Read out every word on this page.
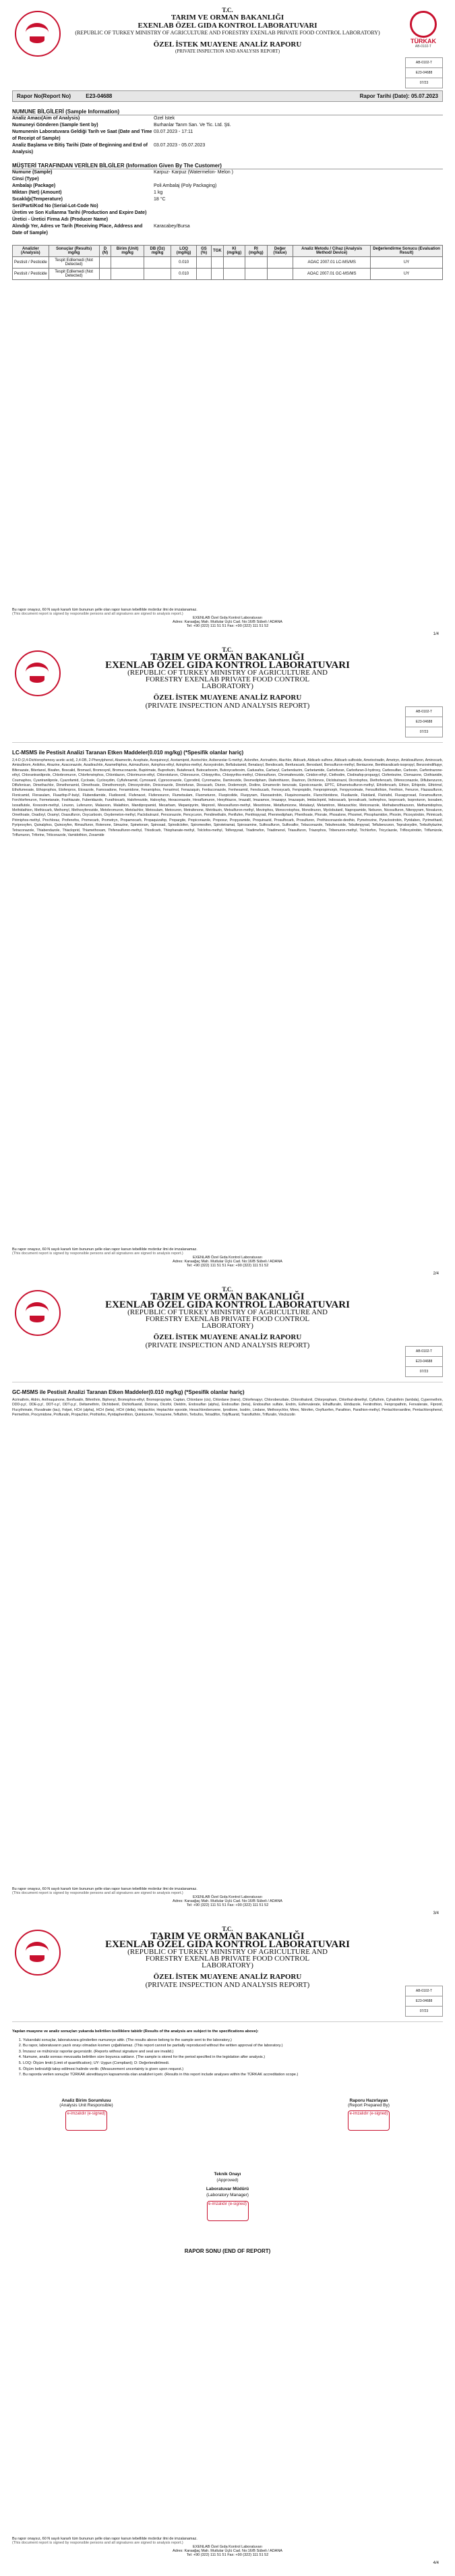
T.C.
TARIM VE ORMAN BAKANLIĞI
EXENLAB ÖZEL GIDA KONTROL LABORATUVARI
(REPUBLIC OF TURKEY MINISTRY OF AGRICULTURE AND FORESTRY EXENLAB PRIVATE FOOD CONTROL LABORATORY)
ÖZEL İSTEK MUAYENE ANALİZ RAPORU
(PRIVATE INSPECTION AND ANALYSIS REPORT)
TÜRKAK
AB-0102-T
AB-0102-T
E23-04688
07/23
Rapor No(Report No)	E23-04688	Rapor Tarihi (Date): 05.07.2023
NUMUNE BİLGİLERİ (Sample Information)
Analiz Amacı(Aim of Analysis)	Özel İstek
Numuneyi Gönderen (Sample Sent by)	Burhanlar Tarım San. Ve Tic. Ltd. Şti.
Numunenin Laboratuvara Geldiği Tarih ve Saat (Date and Time of Receipt of Sample)
03.07.2023 - 17:11
Analiz Başlama ve Bitiş Tarihi (Date of Beginning and End of Analysis)
03.07.2023 - 05.07.2023
MÜŞTERİ TARAFINDAN VERİLEN BİLGİLER (Information Given By The Customer)
Numune (Sample)	Karpuz- Karpuz (Watermelon- Melon )
Cinsi (Type)
Ambalajı (Package)	Poli Ambalaj (Poly Packaging)
Miktarı (Net) (Amount)	1 kg
Sıcaklığı(Temperature)	18 °C
Seri/Parti/Kod No (Serial-Lot-Code No)
Üretim ve Son Kullanma Tarihi (Production and Expire Date)
Üretici - Üretici Firma Adı (Producer Name)
Alındığı Yer, Adres ve Tarih (Receiving Place, Address and Date of Sample)
Karacabey/Bursa
Analizler (Analysis)	Sonuçlar (Results) mg/kg	D (N)	Birim (Unit) mg/kg	DB (Öz) mg/kg	LOQ (mg/kg)	GS (%)	TGK	KI (mg/kg)	RI (mg/kg)	Değer (Value)	Analiz Metodu / Cihaz (Analysis Method/ Device)	Değerlendirme Sonucu (Evaluation Result)
Pestisit / Pesticide	Tespit Edilemedi (Not Detected)				0.010						AOAC 2007.01 LC-MS/MS	UY
Pestisit / Pesticide	Tespit Edilemedi (Not Detected)				0.010						AOAC 2007.01 GC-MS/MS	UY
Bu rapor onaysız, 60 N sayılı kararlı tüm bununun şelle olan rapor kanun tebellilde mıdırdur ilmi de imzalanamaz.
(This document report is signed by responsible persons and all signatures are signed to analysis report.)
EXENLAB Özel Gıda Kontrol Laboratuvarı
Adres: Karaağaç Mah. Mutlular Üçlü Cad. No:16/B Sübeli / ADANA
Tel: +90 (322) 111 51 51 Fax: +90 (322) 111 51 52
1/4
T.C.
TARIM VE ORMAN BAKANLIĞI
EXENLAB ÖZEL GIDA KONTROL LABORATUVARI
(REPUBLIC OF TURKEY MINISTRY OF AGRICULTURE AND
FORESTRY EXENLAB PRIVATE FOOD CONTROL
LABORATORY)
ÖZEL İSTEK MUAYENE ANALİZ RAPORU
(PRIVATE INSPECTION AND ANALYSIS REPORT)
AB-0102-T
E23-04688
07/23
LC-MSMS ile Pestisit Analizi Taranan Etken Maddeler(0.010 mg/kg) (*Spesifik olanlar hariç)
2,4-D (2,4-Dichlorophenoxy acetic acid), 2,4-DB, 2-Phenylphenol, Abamectin, Acephate, Acequinocyl, Acetamiprid, Acetochlor, Acibenzolar-S-methyl, Aclonifen, Acrinathrin, Alachlor, Aldicarb, Aldicarb sulfone, Aldicarb sulfoxide, Ametoctradin, Ametryn, Amidosulfuron, Aminocarb, Amisulbrom, Anilofos, Atrazine, Azaconazole, Azadirachtin, Azamethiphos, Azimsulfuron, Azinphos-ethyl, Azinphos-methyl, Azoxystrobin, Beflubutamid, Benalaxyl, Bendiocarb, Benfuracarb, Benodanil, Bensulfuron-methyl, Bentazone, Benthiavalicarb-isopropyl, Benzovindiflupyr, Bifenazate, Bitertanol, Bixafen, Boscalid, Bromacil, Bromoxynil, Bromuconazole, Bupirimate, Buprofezin, Butafenacil, Butocarboxim, Butoxycarboxim, Cadusafos, Carbaryl, Carbendazim, Carbetamide, Carbofuran, Carbofuran-3-hydroxy, Carbosulfan, Carboxin, Carfentrazone-ethyl, Chlorantraniliprole, Chlorbromuron, Chlorfenvinphos, Chloridazon, Chlorimuron-ethyl, Chlorotoluron, Chloroxuron, Chlorpyrifos, Chlorpyrifos-methyl, Chlorsulfuron, Chromafenozide, Cinidon-ethyl, Clethodim, Clodinafop-propargyl, Clofentezine, Clomazone, Clothianidin, Coumaphos, Cyantraniliprole, Cyazofamid, Cycloate, Cycloxydim, Cyflufenamid, Cymoxanil, Cyproconazole, Cyprodinil, Cyromazine, Daminozide, Desmedipham, Diafenthiuron, Diazinon, Dichlorvos, Diclobutrazol, Dicrotophos, Diethofencarb, Difenoconazole, Diflubenzuron, Diflufenican, Dimethachlor, Dimethenamid, Dimethoate, Dimethomorph, Dimoxystrobin, Diniconazole, Dinotefuran, Dioxacarb, Diuron, Dodemorph, Dodine, Emamectin benzoate, Epoxiconazole, EPTC, Ethametsulfuron-methyl, Ethiofencarb, Ethion, Ethiprole, Ethirimol, Ethofumesate, Ethoprophos, Etofenprox, Etoxazole, Famoxadone, Fenamidone, Fenamiphos, Fenarimol, Fenazaquin, Fenbuconazole, Fenhexamid, Fenobucarb, Fenoxycarb, Fenpropidin, Fenpropimorph, Fenpyroximate, Fensulfothion, Fenthion, Fenuron, Flazasulfuron, Flonicamid, Florasulam, Fluazifop-P-butyl, Flubendiamide, Fludioxonil, Flufenacet, Flufenoxuron, Flumetsulam, Fluometuron, Fluopicolide, Fluopyram, Fluoxastrobin, Fluquinconazole, Flurochloridone, Flusilazole, Flutolanil, Flutriafol, Fluxapyroxad, Foramsulfuron, Forchlorfenuron, Formetanate, Fosthiazate, Fuberidazole, Furathiocarb, Halofenozide, Haloxyfop, Hexaconazole, Hexaflumuron, Hexythiazox, Imazalil, Imazamox, Imazapyr, Imazaquin, Imidacloprid, Indoxacarb, Iprovalicarb, Isofenphos, Isoprocarb, Isoproturon, Isoxaben, Isoxaflutole, Kresoxim-methyl, Linuron, Lufenuron, Malaoxon, Malathion, Mandipropamid, Mecarbam, Mepanipyrim, Mepronil, Mesosulfuron-methyl, Mesotrione, Metaflumizone, Metalaxyl, Metamitron, Metazachlor, Metconazole, Methabenzthiazuron, Methamidophos, Methidathion, Methiocarb, Methomyl, Methoxyfenozide, Metobromuron, Metolachlor, Metosulam, Metoxuron, Metrafenone, Metribuzin, Metsulfuron-methyl, Mevinphos, Monocrotophos, Monolinuron, Myclobutanil, Napropamide, Neburon, Nicosulfuron, Nitenpyram, Novaluron, Omethoate, Oxadixyl, Oxamyl, Oxasulfuron, Oxycarboxin, Oxydemeton-methyl, Paclobutrazol, Penconazole, Pencycuron, Pendimethalin, Penflufen, Penthiopyrad, Phenmedipham, Phenthoate, Phorate, Phosalone, Phosmet, Phosphamidon, Phoxim, Picoxystrobin, Pirimicarb, Pirimiphos-methyl, Prochloraz, Profenofos, Promecarb, Prometryn, Propamocarb, Propaquizafop, Propargite, Propiconazole, Propoxur, Propyzamide, Proquinazid, Prosulfocarb, Prosulfuron, Prothioconazole-desthio, Pymetrozine, Pyraclostrobin, Pyridaben, Pyrimethanil, Pyriproxyfen, Quinalphos, Quinoxyfen, Rimsulfuron, Rotenone, Simazine, Spinetoram, Spinosad, Spirodiclofen, Spiromesifen, Spirotetramat, Spiroxamine, Sulfosulfuron, Sulfoxaflor, Tebuconazole, Tebufenozide, Tebufenpyrad, Teflubenzuron, Tepraloxydim, Terbuthylazine, Tetraconazole, Thiabendazole, Thiacloprid, Thiamethoxam, Thifensulfuron-methyl, Thiodicarb, Thiophanate-methyl, Tolclofos-methyl, Tolfenpyrad, Triadimefon, Triadimenol, Triasulfuron, Triazophos, Tribenuron-methyl, Trichlorfon, Tricyclazole, Trifloxystrobin, Triflumizole, Triflumuron, Triforine, Triticonazole, Vamidothion, Zoxamide
Bu rapor onaysız, 60 N sayılı kararlı tüm bununun şelle olan rapor kanun tebellilde mıdırdur ilmi de imzalanamaz.
(This document report is signed by responsible persons and all signatures are signed to analysis report.)
EXENLAB Özel Gıda Kontrol Laboratuvarı
Adres: Karaağaç Mah. Mutlular Üçlü Cad. No:16/B Sübeli / ADANA
Tel: +90 (322) 111 51 51 Fax: +90 (322) 111 51 52
2/4
T.C.
TARIM VE ORMAN BAKANLIĞI
EXENLAB ÖZEL GIDA KONTROL LABORATUVARI
(REPUBLIC OF TURKEY MINISTRY OF AGRICULTURE AND
FORESTRY EXENLAB PRIVATE FOOD CONTROL
LABORATORY)
ÖZEL İSTEK MUAYENE ANALİZ RAPORU
(PRIVATE INSPECTION AND ANALYSIS REPORT)
AB-0102-T
E23-04688
07/23
GC-MSMS ile Pestisit Analizi Taranan Etken Maddeler(0.010 mg/kg) (*Spesifik olanlar hariç)
Acrinathrin, Aldrin, Anthraquinone, Benfluralin, Bifenthrin, Biphenyl, Bromophos-ethyl, Bromopropylate, Captan, Chlordane (cis), Chlordane (trans), Chlorfenapyr, Chlorobenzilate, Chlorothalonil, Chlorpropham, Chlorthal-dimethyl, Cyfluthrin, Cyhalothrin (lambda), Cypermethrin, DDD-p,p', DDE-p,p', DDT-o,p', DDT-p,p', Deltamethrin, Dichlobenil, Dichlofluanid, Dicloran, Dicofol, Dieldrin, Endosulfan (alpha), Endosulfan (beta), Endosulfan sulfate, Endrin, Esfenvalerate, Ethalfluralin, Etridiazole, Fenitrothion, Fenpropathrin, Fenvalerate, Fipronil, Flucythrinate, Fluvalinate (tau), Folpet, HCH (alpha), HCH (beta), HCH (delta), Heptachlor, Heptachlor epoxide, Hexachlorobenzene, Iprodione, Isodrin, Lindane, Methoxychlor, Mirex, Nitrofen, Oxyfluorfen, Parathion, Parathion-methyl, Pentachloroaniline, Pentachlorophenol, Permethrin, Procymidone, Profluralin, Propachlor, Prothiofos, Pyridaphenthion, Quintozene, Tecnazene, Tefluthrin, Terbufos, Tetradifon, Tolylfluanid, Transfluthrin, Trifluralin, Vinclozolin
Bu rapor onaysız, 60 N sayılı kararlı tüm bununun şelle olan rapor kanun tebellilde mıdırdur ilmi de imzalanamaz.
(This document report is signed by responsible persons and all signatures are signed to analysis report.)
EXENLAB Özel Gıda Kontrol Laboratuvarı
Adres: Karaağaç Mah. Mutlular Üçlü Cad. No:16/B Sübeli / ADANA
Tel: +90 (322) 111 51 51 Fax: +90 (322) 111 51 52
3/4
T.C.
TARIM VE ORMAN BAKANLIĞI
EXENLAB ÖZEL GIDA KONTROL LABORATUVARI
(REPUBLIC OF TURKEY MINISTRY OF AGRICULTURE AND
FORESTRY EXENLAB PRIVATE FOOD CONTROL
LABORATORY)
ÖZEL İSTEK MUAYENE ANALİZ RAPORU
(PRIVATE INSPECTION AND ANALYSIS REPORT)
AB-0102-T
E23-04688
07/23
Yapılan muayene ve analiz sonuçları yukarıda belirtilen özelliklere tabidir (Results of the analysis are subject to the specifications above):
1. Yukarıdaki sonuçlar, laboratuvara gönderilen numuneye aittir. (The results above belong to the sample sent to the laboratory.)
2. Bu rapor, laboratuvarın yazılı onayı olmadan kısmen çoğaltılamaz. (This report cannot be partially reproduced without the written approval of the laboratory.)
3. İmzasız ve mühürsüz raporlar geçersizdir. (Reports without signature and seal are invalid.)
4. Numune, analiz sonrası mevzuatta belirtilen süre boyunca saklanır. (The sample is stored for the period specified in the legislation after analysis.)
5. LOQ: Ölçüm limiti (Limit of quantification); UY: Uygun (Compliant); D: Değerlendirilmedi.
6. Ölçüm belirsizliği talep edilmesi halinde verilir. (Measurement uncertainty is given upon request.)
7. Bu raporda verilen sonuçlar TÜRKAK akreditasyon kapsamında olan analizleri içerir. (Results in this report include analyses within the TÜRKAK accreditation scope.)
Analiz Birim Sorumlusu
(Analysis Unit Responsible)
e-imzalıdır (e-signed)
Raporu Hazırlayan
(Report Prepared By)
e-imzalıdır (e-signed)
Teknik Onayı
(Approved)
Laboratuvar Müdürü
(Laboratory Manager)
e-imzalıdır (e-signed)
RAPOR SONU (END OF REPORT)
Bu rapor onaysız, 60 N sayılı kararlı tüm bununun şelle olan rapor kanun tebellilde mıdırdur ilmi de imzalanamaz.
(This document report is signed by responsible persons and all signatures are signed to analysis report.)
EXENLAB Özel Gıda Kontrol Laboratuvarı
Adres: Karaağaç Mah. Mutlular Üçlü Cad. No:16/B Sübeli / ADANA
Tel: +90 (322) 111 51 51 Fax: +90 (322) 111 51 52
4/4
